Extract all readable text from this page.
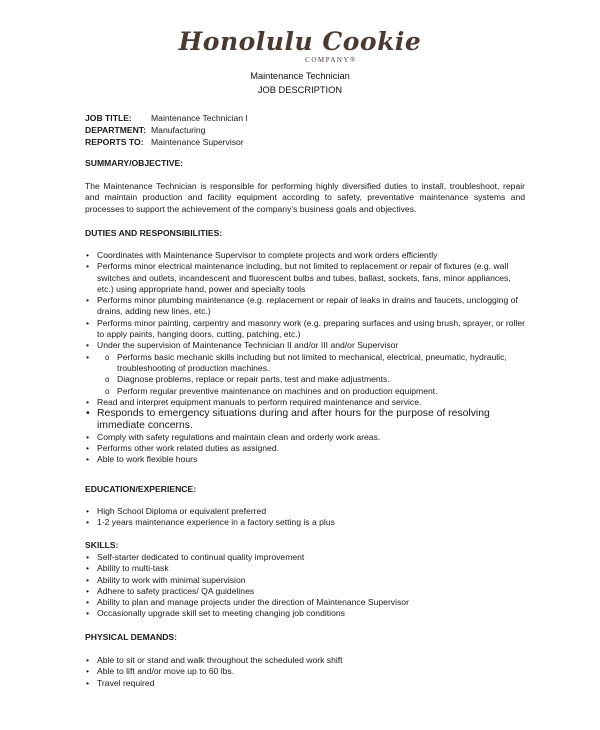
Honolulu Cookie
COMPANY®
Maintenance Technician
JOB DESCRIPTION
JOB TITLE: Maintenance Technician I
DEPARTMENT: Manufacturing
REPORTS TO: Maintenance Supervisor
SUMMARY/OBJECTIVE:
The Maintenance Technician is responsible for performing highly diversified duties to install, troubleshoot, repair and maintain production and facility equipment according to safety, preventative maintenance systems and processes to support the achievement of the company’s business goals and objectives.
DUTIES AND RESPONSIBILITIES:
• Coordinates with Maintenance Supervisor to complete projects and work orders efficiently
• Performs minor electrical maintenance including, but not limited to replacement or repair of fixtures (e.g. wall switches and outlets, incandescent and fluorescent bulbs and tubes, ballast, sockets, fans, minor appliances, etc.) using appropriate hand, power and specialty tools
• Performs minor plumbing maintenance (e.g. replacement or repair of leaks in drains and faucets, unclogging of drains, adding new lines, etc.)
• Performs minor painting, carpentry and masonry work (e.g. preparing surfaces and using brush, sprayer, or roller to apply paints, hanging doors, cutting, patching, etc.)
• Under the supervision of Maintenance Technician II and/or III and/or Supervisor
o • Performs basic mechanic skills including but not limited to mechanical, electrical, pneumatic, hydraulic, troubleshooting of production machines.
o Diagnose problems, replace or repair parts, test and make adjustments.
o Perform regular preventive maintenance on machines and on production equipment.
• Read and interpret equipment manuals to perform required maintenance and service.
• Responds to emergency situations during and after hours for the purpose of resolving immediate concerns.
• Comply with safety regulations and maintain clean and orderly work areas.
• Performs other work related duties as assigned.
• Able to work flexible hours
EDUCATION/EXPERIENCE:
• High School Diploma or equivalent preferred
• 1-2 years maintenance experience in a factory setting is a plus
SKILLS:
• Self-starter dedicated to continual quality improvement
• Ability to multi-task
• Ability to work with minimal supervision
• Adhere to safety practices/ QA guidelines
• Ability to plan and manage projects under the direction of Maintenance Supervisor
• Occasionally upgrade skill set to meeting changing job conditions
PHYSICAL DEMANDS:
• Able to sit or stand and walk throughout the scheduled work shift
• Able to lift and/or move up to 60 lbs.
• Travel required
